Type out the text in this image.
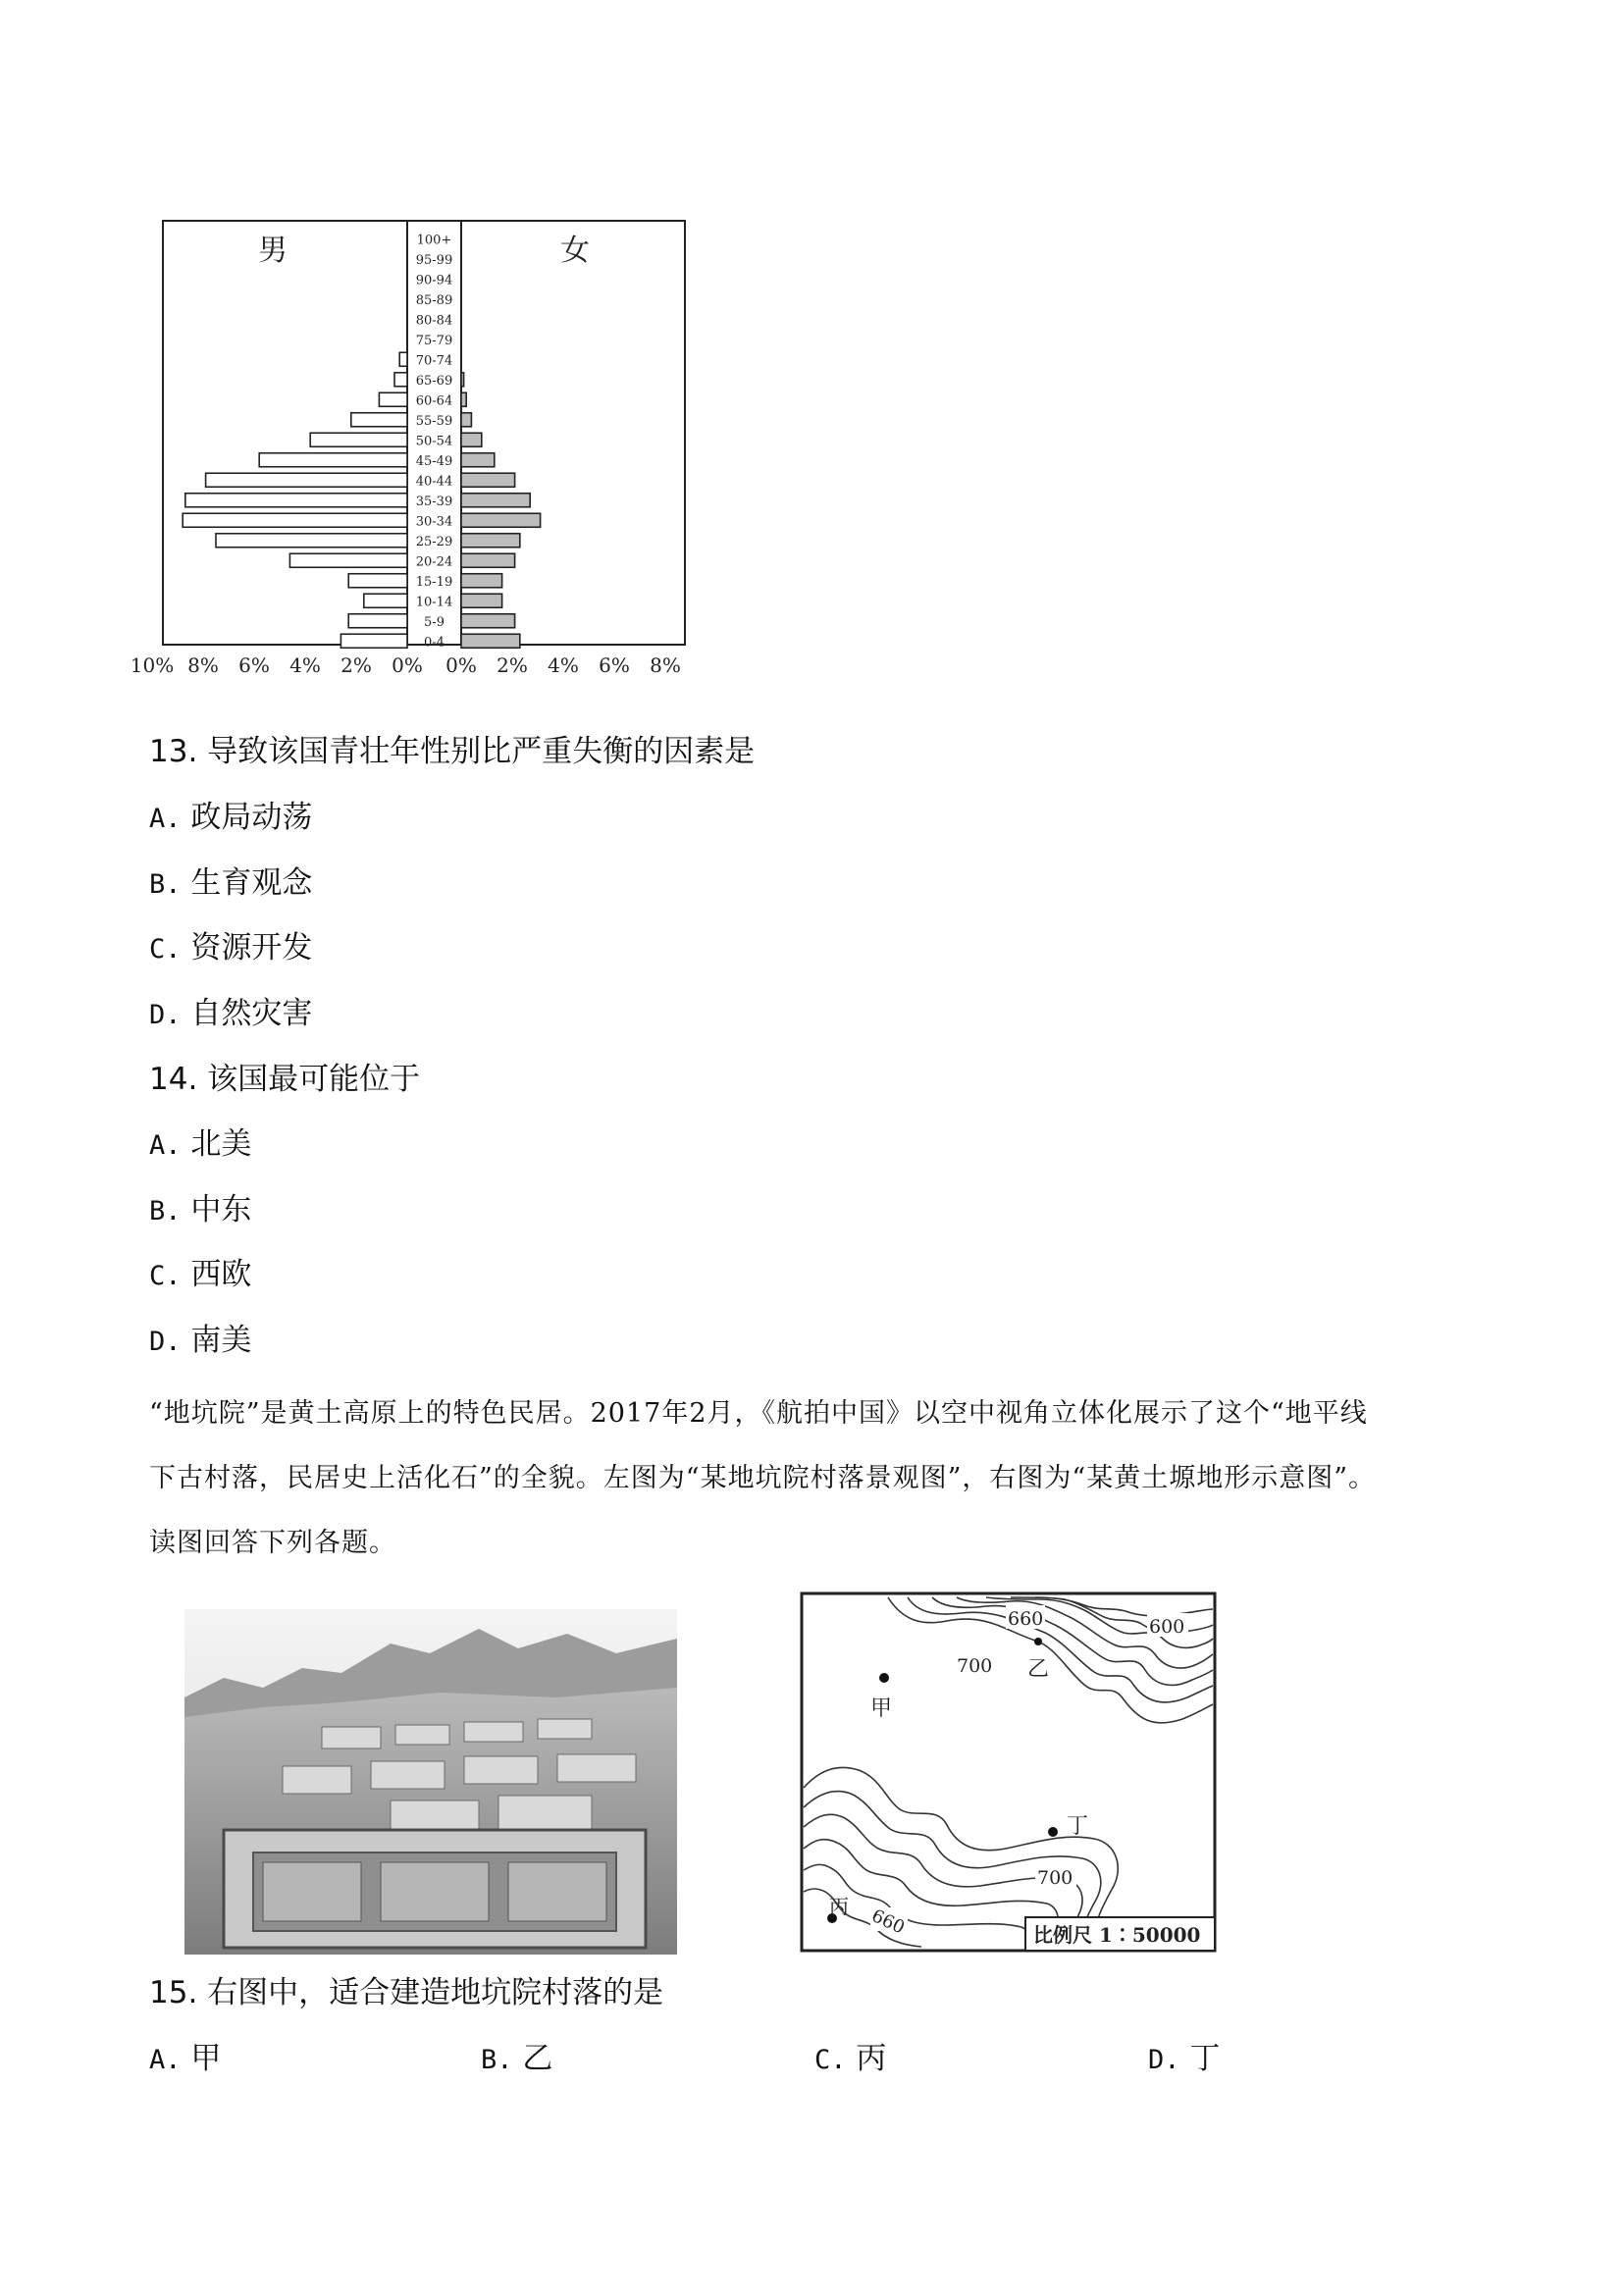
男	女
100+
95-99
90-94
85-89
80-84
75-79
70-74
65-69
60-64
55-59
50-54
45-49
40-44
35-39
30-34
25-29
20-24
15-19
10-14
5-9
0-4
10% 8% 6% 4% 2% 0% 0% 2% 4% 6% 8%
13. 导致该国青壮年性别比严重失衡的因素是
A. 政局动荡
B. 生育观念
C. 资源开发
D. 自然灾害
14. 该国最可能位于
A. 北美
B. 中东
C. 西欧
D. 南美
“地坑院”是黄土高原上的特色民居。2017年2月，《航拍中国》以空中视角立体化展示了这个“地平线
下古村落，民居史上活化石”的全貌。左图为“某地坑院村落景观图”，右图为“某黄土塬地形示意图”。
读图回答下列各题。
甲
乙
丁
丙
660
700
600
700
660	比例尺 1∶50000
15. 右图中，适合建造地坑院村落的是
A. 甲	B. 乙	C. 丙	D. 丁
